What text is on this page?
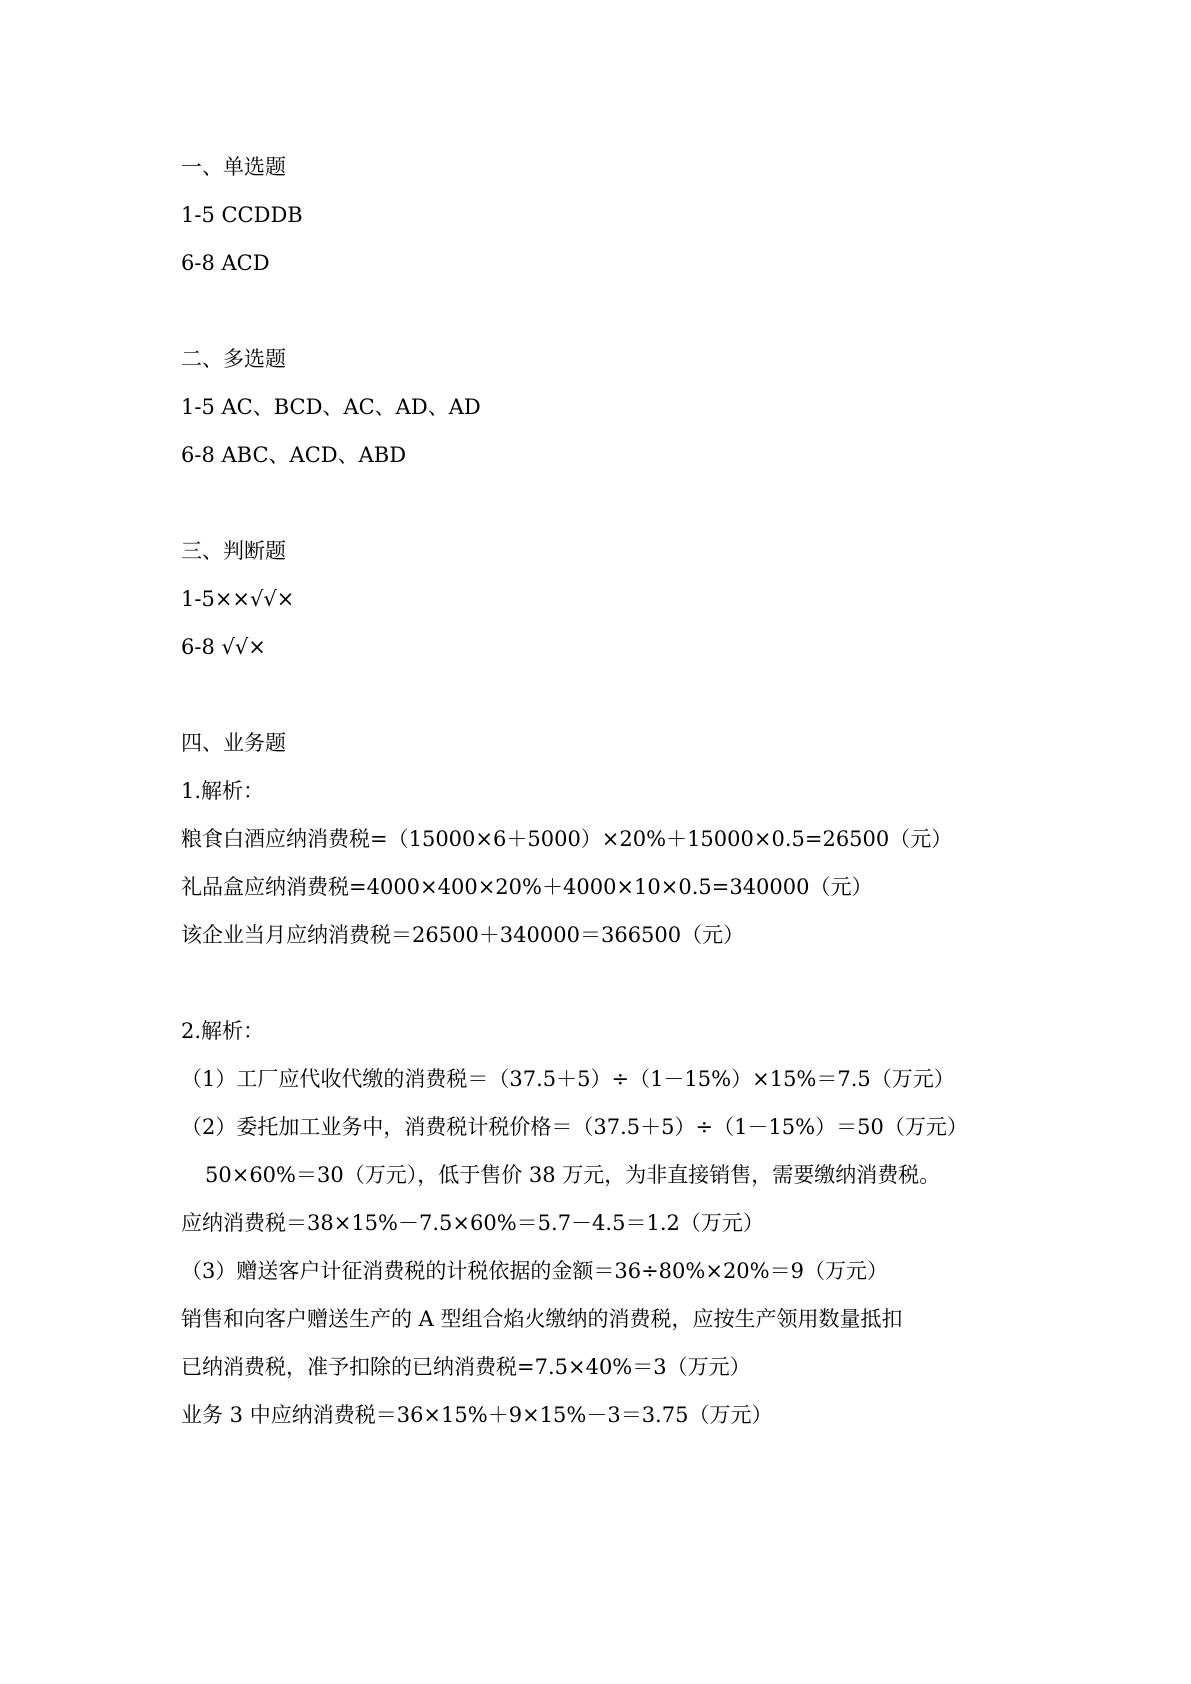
一、单选题
1-5 CCDDB
6-8 ACD
二、多选题
1-5 AC、BCD、AC、AD、AD
6-8 ABC、ACD、ABD
三、判断题
1-5××√√×
6-8 √√×
四、业务题
1.解析：
粮食白酒应纳消费税=（15000×6＋5000）×20%＋15000×0.5=26500（元）
礼品盒应纳消费税=4000×400×20%＋4000×10×0.5=340000（元）
该企业当月应纳消费税＝26500＋340000＝366500（元）
2.解析：
（1）工厂应代收代缴的消费税＝（37.5＋5）÷（1－15%）×15%＝7.5（万元）
（2）委托加工业务中，消费税计税价格＝（37.5＋5）÷（1－15%）＝50（万元）
50×60%＝30（万元），低于售价 38 万元，为非直接销售，需要缴纳消费税。
应纳消费税＝38×15%－7.5×60%＝5.7－4.5＝1.2（万元）
（3）赠送客户计征消费税的计税依据的金额＝36÷80%×20%＝9（万元）
销售和向客户赠送生产的 A 型组合焰火缴纳的消费税，应按生产领用数量抵扣
已纳消费税，准予扣除的已纳消费税=7.5×40%＝3（万元）
业务 3 中应纳消费税＝36×15%＋9×15%－3＝3.75（万元）
